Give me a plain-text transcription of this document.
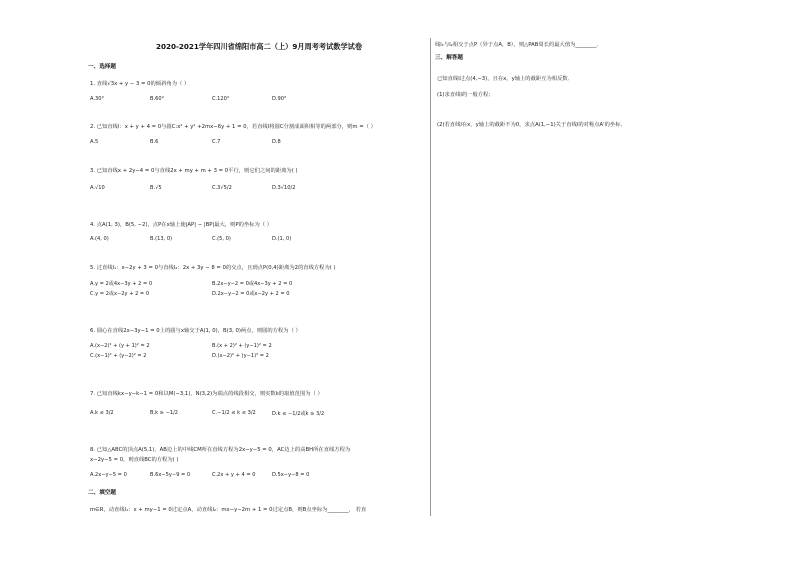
2020-2021学年四川省绵阳市高二（上）9月周考考试数学试卷
一、选择题
1. 直线√3x + y − 3 = 0的倾斜角为（ ）
A.30°	B.60°	C.120°	D.90°
2. 已知直线l：x + y + 4 = 0与圆C:x² + y² +2mx−6y + 1 = 0，若直线l将圆C分割成面积相等的两部分，则m =（ ）
A.5	B.6	C.7	D.8
3. 已知直线x + 2y−4 = 0与直线2x + my + m + 3 = 0平行，则它们之间的距离为( )
A.√10	B.√5	C.3√5/2	D.3√10/2
4. 点A(1, 3)，B(5, −2)，点P在x轴上使|AP| − |BP|最大，则P的坐标为（ ）
A.(4, 0)	B.(13, 0)	C.(5, 0)	D.(1, 0)
5. 过直线l₁：x−2y + 3 = 0与直线l₂：2x + 3y − 8 = 0的交点，且到点P(0,4)距离为2的直线方程为( )
A.y = 2或4x−3y + 2 = 0	B.2x−y−2 = 0或4x−3y + 2 = 0
C.y = 2或x−2y + 2 = 0	D.2x−y−2 = 0或x−2y + 2 = 0
6. 圆心在直线2x−3y−1 = 0上的圆与x轴交于A(1, 0)，B(3, 0)两点，则圆的方程为（ ）
A.(x−2)² + (y + 1)² = 2	B.(x + 2)² + (y−1)² = 2
C.(x−1)² + (y−2)² = 2	D.(x−2)² + (y−1)² = 2
7. 已知直线kx−y−k−1 = 0和以M(−3,1)，N(3,2)为端点的线段相交，则实数k的取值范围为（ ）
A.k ≤ 3/2	B.k ≥ −1/2	C.−1/2 ≤ k ≤ 3/2	D.k ≤ −1/2或k ≥ 3/2
8. 已知△ABC的顶点A(5,1)，AB边上的中线CM所在直线方程为2x−y−5 = 0，AC边上的高BH所在直线方程为
x−2y−5 = 0，则直线BC的方程为( )
A.2x−y−5 = 0	B.6x−5y−9 = 0	C.2x + y + 4 = 0	D.5x−y−8 = 0
二、填空题
m∈R，动直线l₁：x + my−1 = 0过定点A，动直线l₂：mx−y−2m + 1 = 0过定点B，则B点坐标为________， 若直
线l₁与l₂相交于点P（异于点A，B），则△PAB周长的最大值为________．
三、解答题
已知直线l过点(4,−3)，且在x，y轴上的截距互为相反数．
(1)求直线l的一般方程；
(2)若直线l在x，y轴上的截距不为0，求点A(1,−1)关于直线l的对称点A'的坐标．
